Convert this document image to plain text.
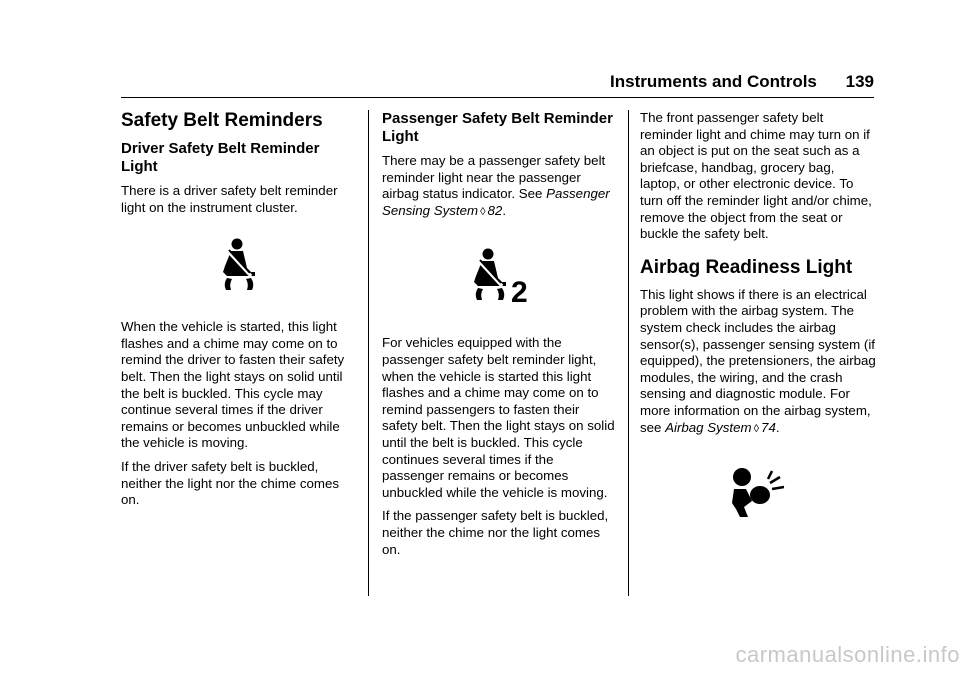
Instruments and Controls 139
Safety Belt Reminders
Driver Safety Belt Reminder Light

There is a driver safety belt reminder light on the instrument cluster.

When the vehicle is started, this light flashes and a chime may come on to remind the driver to fasten their safety belt. Then the light stays on solid until the belt is buckled. This cycle may continue several times if the driver remains or becomes unbuckled while the vehicle is moving.

If the driver safety belt is buckled, neither the light nor the chime comes on.

Passenger Safety Belt Reminder Light

There may be a passenger safety belt reminder light near the passenger airbag status indicator. See Passenger Sensing System ◊ 82.

2

For vehicles equipped with the passenger safety belt reminder light, when the vehicle is started this light flashes and a chime may come on to remind passengers to fasten their safety belt. Then the light stays on solid until the belt is buckled. This cycle continues several times if the passenger remains or becomes unbuckled while the vehicle is moving.

If the passenger safety belt is buckled, neither the chime nor the light comes on.

The front passenger safety belt reminder light and chime may turn on if an object is put on the seat such as a briefcase, handbag, grocery bag, laptop, or other electronic device. To turn off the reminder light and/or chime, remove the object from the seat or buckle the safety belt.

Airbag Readiness Light

This light shows if there is an electrical problem with the airbag system. The system check includes the airbag sensor(s), passenger sensing system (if equipped), the pretensioners, the airbag modules, the wiring, and the crash sensing and diagnostic module. For more information on the airbag system, see Airbag System ◊ 74.

carmanualsonline.info
